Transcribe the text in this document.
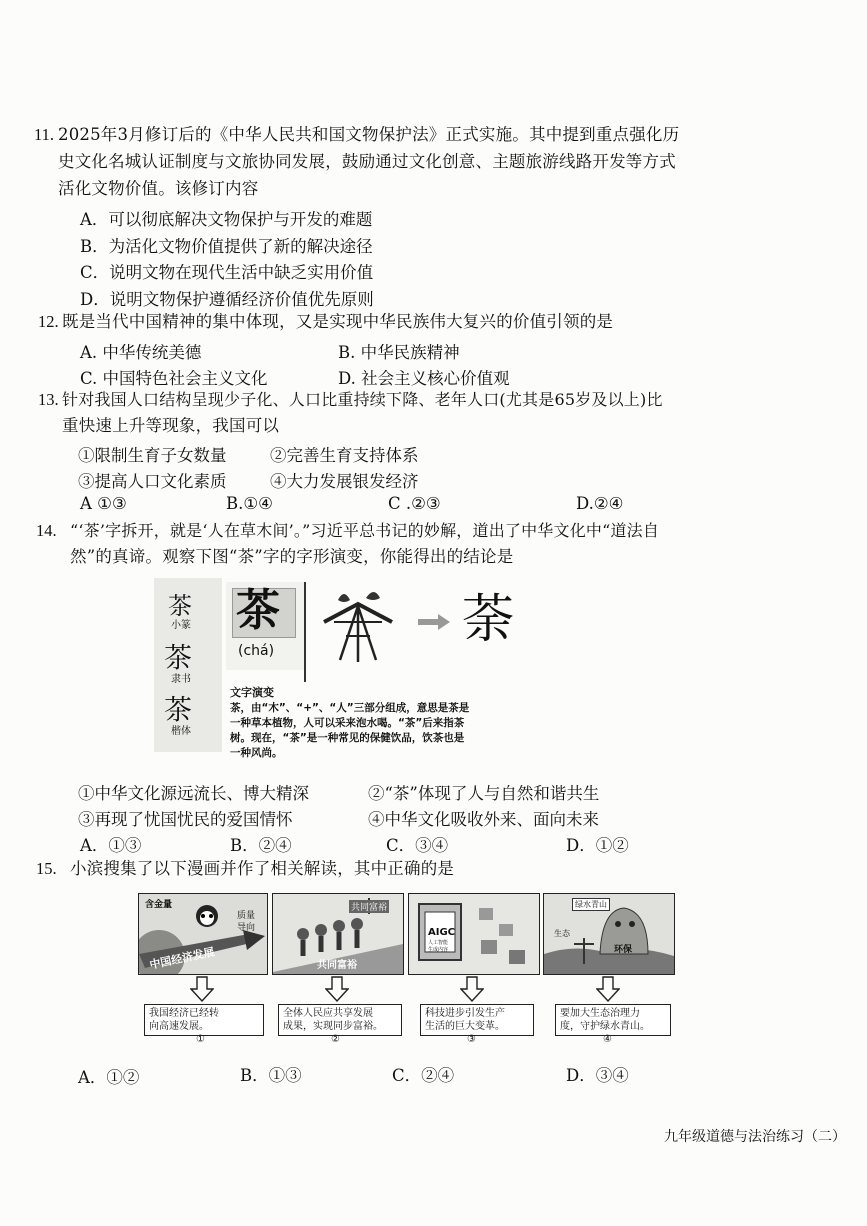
11. 2025年3月修订后的《中华人民共和国文物保护法》正式实施。其中提到重点强化历
史文化名城认证制度与文旅协同发展，鼓励通过文化创意、主题旅游线路开发等方式
活化文物价值。该修订内容
A．可以彻底解决文物保护与开发的难题
B．为活化文物价值提供了新的解决途径
C．说明文物在现代生活中缺乏实用价值
D．说明文物保护遵循经济价值优先原则
12. 既是当代中国精神的集中体现，又是实现中华民族伟大复兴的价值引领的是
A. 中华传统美德	B. 中华民族精神
C. 中国特色社会主义文化	D. 社会主义核心价值观
13. 针对我国人口结构呈现少子化、人口比重持续下降、老年人口(尤其是65岁及以上)比
重快速上升等现象，我国可以
①限制生育子女数量	②完善生育支持体系
③提高人口文化素质	④大力发展银发经济
A ①③	B.①④	C .②③	D.②④
14. “‘茶’字拆开，就是‘人在草木间’。”习近平总书记的妙解，道出了中华文化中“道法自
然”的真谛。观察下图“茶”字的字形演变，你能得出的结论是
茶
小篆
茶
隶书
茶
楷体
茶
(chá)
荼
文字演变
茶，由“木”、“+”、“人”三部分组成，意思是茶是
一种草本植物，人可以采来泡水喝。“茶”后来指茶
树。现在，“茶”是一种常见的保健饮品，饮茶也是
一种风尚。
①中华文化源远流长、博大精深	②“茶”体现了人与自然和谐共生
③再现了忧国忧民的爱国情怀	④中华文化吸收外来、面向未来
A．①③	B．②④	C．③④	D．①②
15. 小滨搜集了以下漫画并作了相关解读，其中正确的是
含金量
质量
导向
中国经济发展
共同富裕
共同富裕
AIGC
人工智能
生成内容
绿水青山
生态
环保
我国经济已经转
向高速发展。
①
全体人民应共享发展
成果，实现同步富裕。
②
科技进步引发生产
生活的巨大变革。
③
要加大生态治理力
度，守护绿水青山。
④
A．①②	B．①③	C．②④	D．③④
九年级道德与法治练习（二）
